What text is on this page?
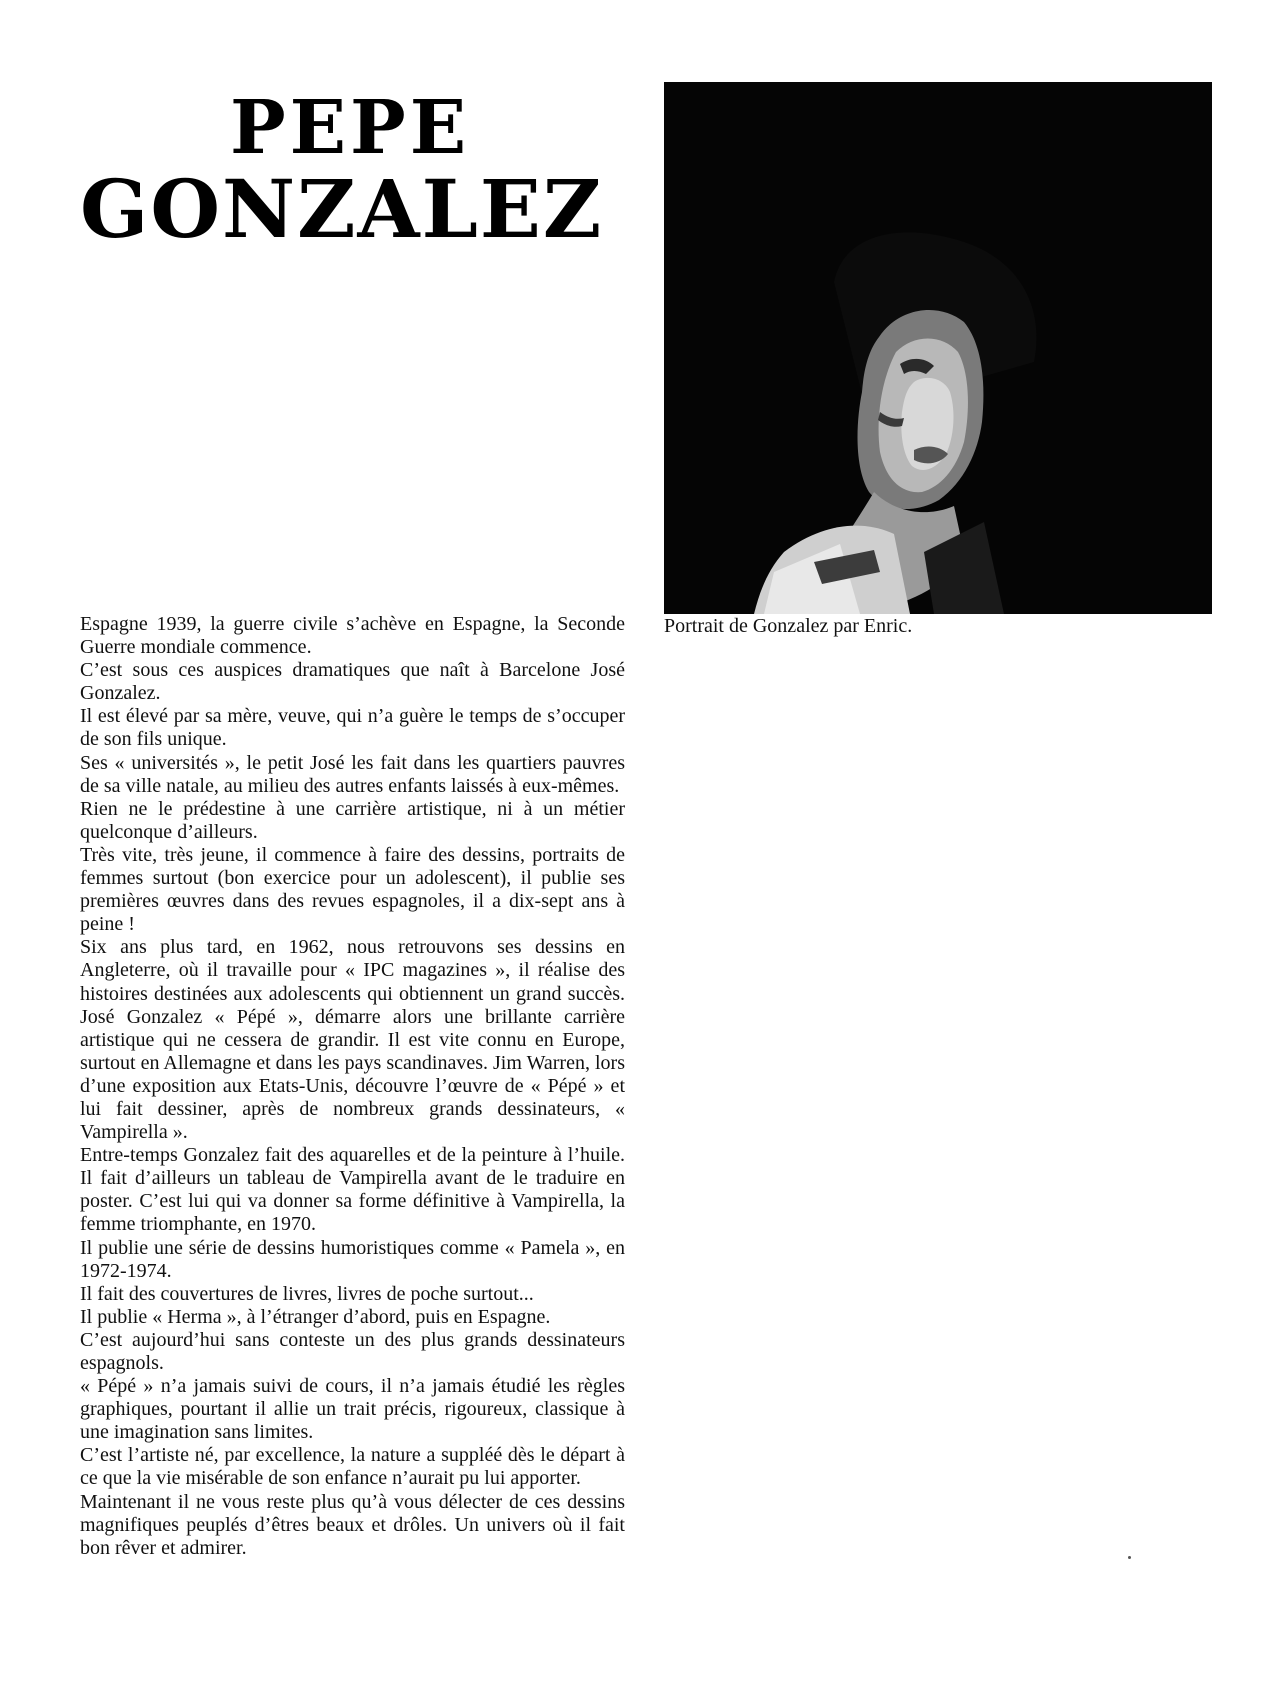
PEPE
GONZALEZ
Portrait de Gonzalez par Enric.

Espagne 1939, la guerre civile s’achève en Espagne, la Seconde Guerre mondiale commence.

C’est sous ces auspices dramatiques que naît à Barcelone José Gonzalez.

Il est élevé par sa mère, veuve, qui n’a guère le temps de s’occuper de son fils unique.

Ses « universités », le petit José les fait dans les quartiers pauvres de sa ville natale, au milieu des autres enfants laissés à eux-mêmes.

Rien ne le prédestine à une carrière artistique, ni à un métier quelconque d’ailleurs.

Très vite, très jeune, il commence à faire des dessins, portraits de femmes surtout (bon exercice pour un adolescent), il publie ses premières œuvres dans des revues espagnoles, il a dix-sept ans à peine !

Six ans plus tard, en 1962, nous retrouvons ses dessins en Angleterre, où il travaille pour « IPC magazines », il réalise des histoires destinées aux adolescents qui obtiennent un grand succès. José Gonzalez « Pépé », démarre alors une brillante carrière artistique qui ne cessera de grandir. Il est vite connu en Europe, surtout en Allemagne et dans les pays scandinaves. Jim Warren, lors d’une exposition aux Etats-Unis, découvre l’œuvre de « Pépé » et lui fait dessiner, après de nombreux grands dessinateurs, « Vampirella ».

Entre-temps Gonzalez fait des aquarelles et de la peinture à l’huile. Il fait d’ailleurs un tableau de Vampirella avant de le traduire en poster. C’est lui qui va donner sa forme définitive à Vampirella, la femme triomphante, en 1970.

Il publie une série de dessins humoristiques comme « Pamela », en 1972-1974.

Il fait des couvertures de livres, livres de poche surtout...

Il publie « Herma », à l’étranger d’abord, puis en Espagne.

C’est aujourd’hui sans conteste un des plus grands dessinateurs espagnols.

« Pépé » n’a jamais suivi de cours, il n’a jamais étudié les règles graphiques, pourtant il allie un trait précis, rigoureux, classique à une imagination sans limites.

C’est l’artiste né, par excellence, la nature a suppléé dès le départ à ce que la vie misérable de son enfance n’aurait pu lui apporter.

Maintenant il ne vous reste plus qu’à vous délecter de ces dessins magnifiques peuplés d’êtres beaux et drôles. Un univers où il fait bon rêver et admirer.
